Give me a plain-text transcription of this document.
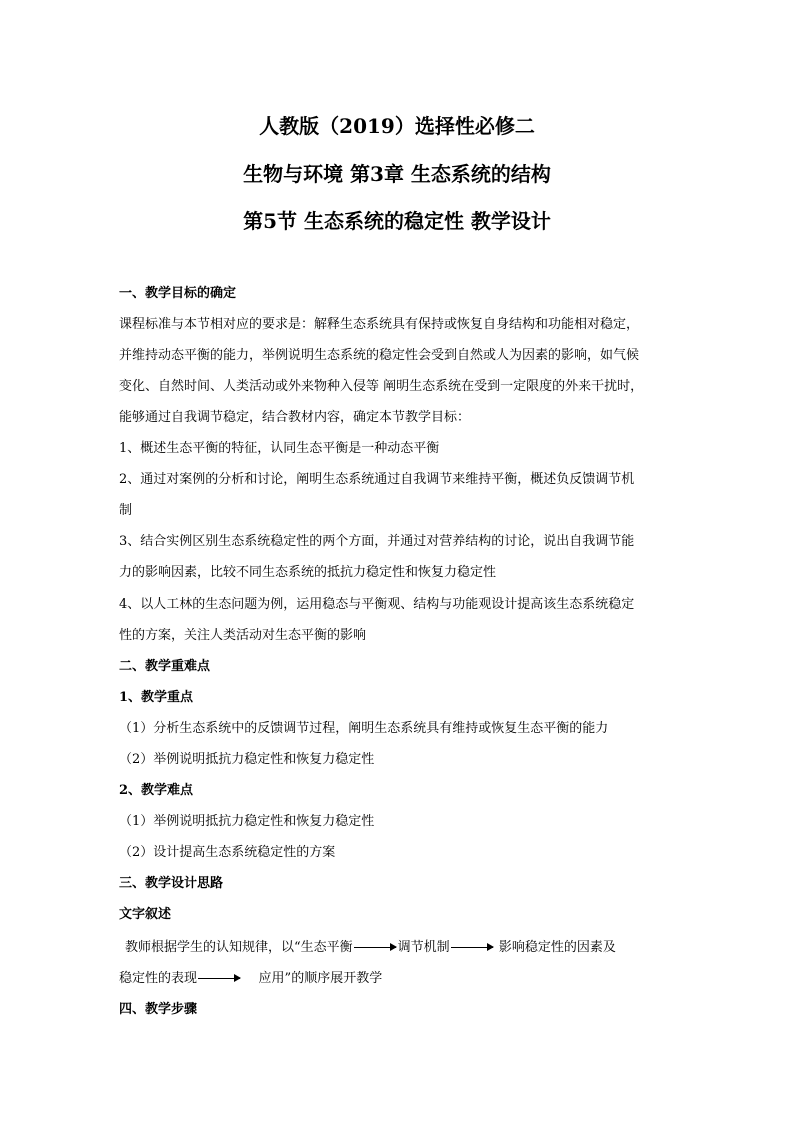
人教版（2019）选择性必修二
生物与环境 第3章 生态系统的结构
第5节 生态系统的稳定性 教学设计

一、教学目标的确定

课程标准与本节相对应的要求是：解释生态系统具有保持或恢复自身结构和功能相对稳定，

并维持动态平衡的能力，举例说明生态系统的稳定性会受到自然或人为因素的影响，如气候

变化、自然时间、人类活动或外来物种入侵等 阐明生态系统在受到一定限度的外来干扰时，

能够通过自我调节稳定，结合教材内容，确定本节教学目标：

1、概述生态平衡的特征，认同生态平衡是一种动态平衡

2、通过对案例的分析和讨论，阐明生态系统通过自我调节来维持平衡，概述负反馈调节机

制

3、结合实例区别生态系统稳定性的两个方面，并通过对营养结构的讨论，说出自我调节能

力的影响因素，比较不同生态系统的抵抗力稳定性和恢复力稳定性

4、以人工林的生态问题为例，运用稳态与平衡观、结构与功能观设计提高该生态系统稳定

性的方案，关注人类活动对生态平衡的影响

二、教学重难点

1、教学重点

（1）分析生态系统中的反馈调节过程，阐明生态系统具有维持或恢复生态平衡的能力

（2）举例说明抵抗力稳定性和恢复力稳定性

2、教学难点

（1）举例说明抵抗力稳定性和恢复力稳定性

（2）设计提高生态系统稳定性的方案

三、教学设计思路

文字叙述

教师根据学生的认知规律，以“生态平衡	调节机制	影响稳定性的因素及

稳定性的表现	应用”的顺序展开教学

四、教学步骤
